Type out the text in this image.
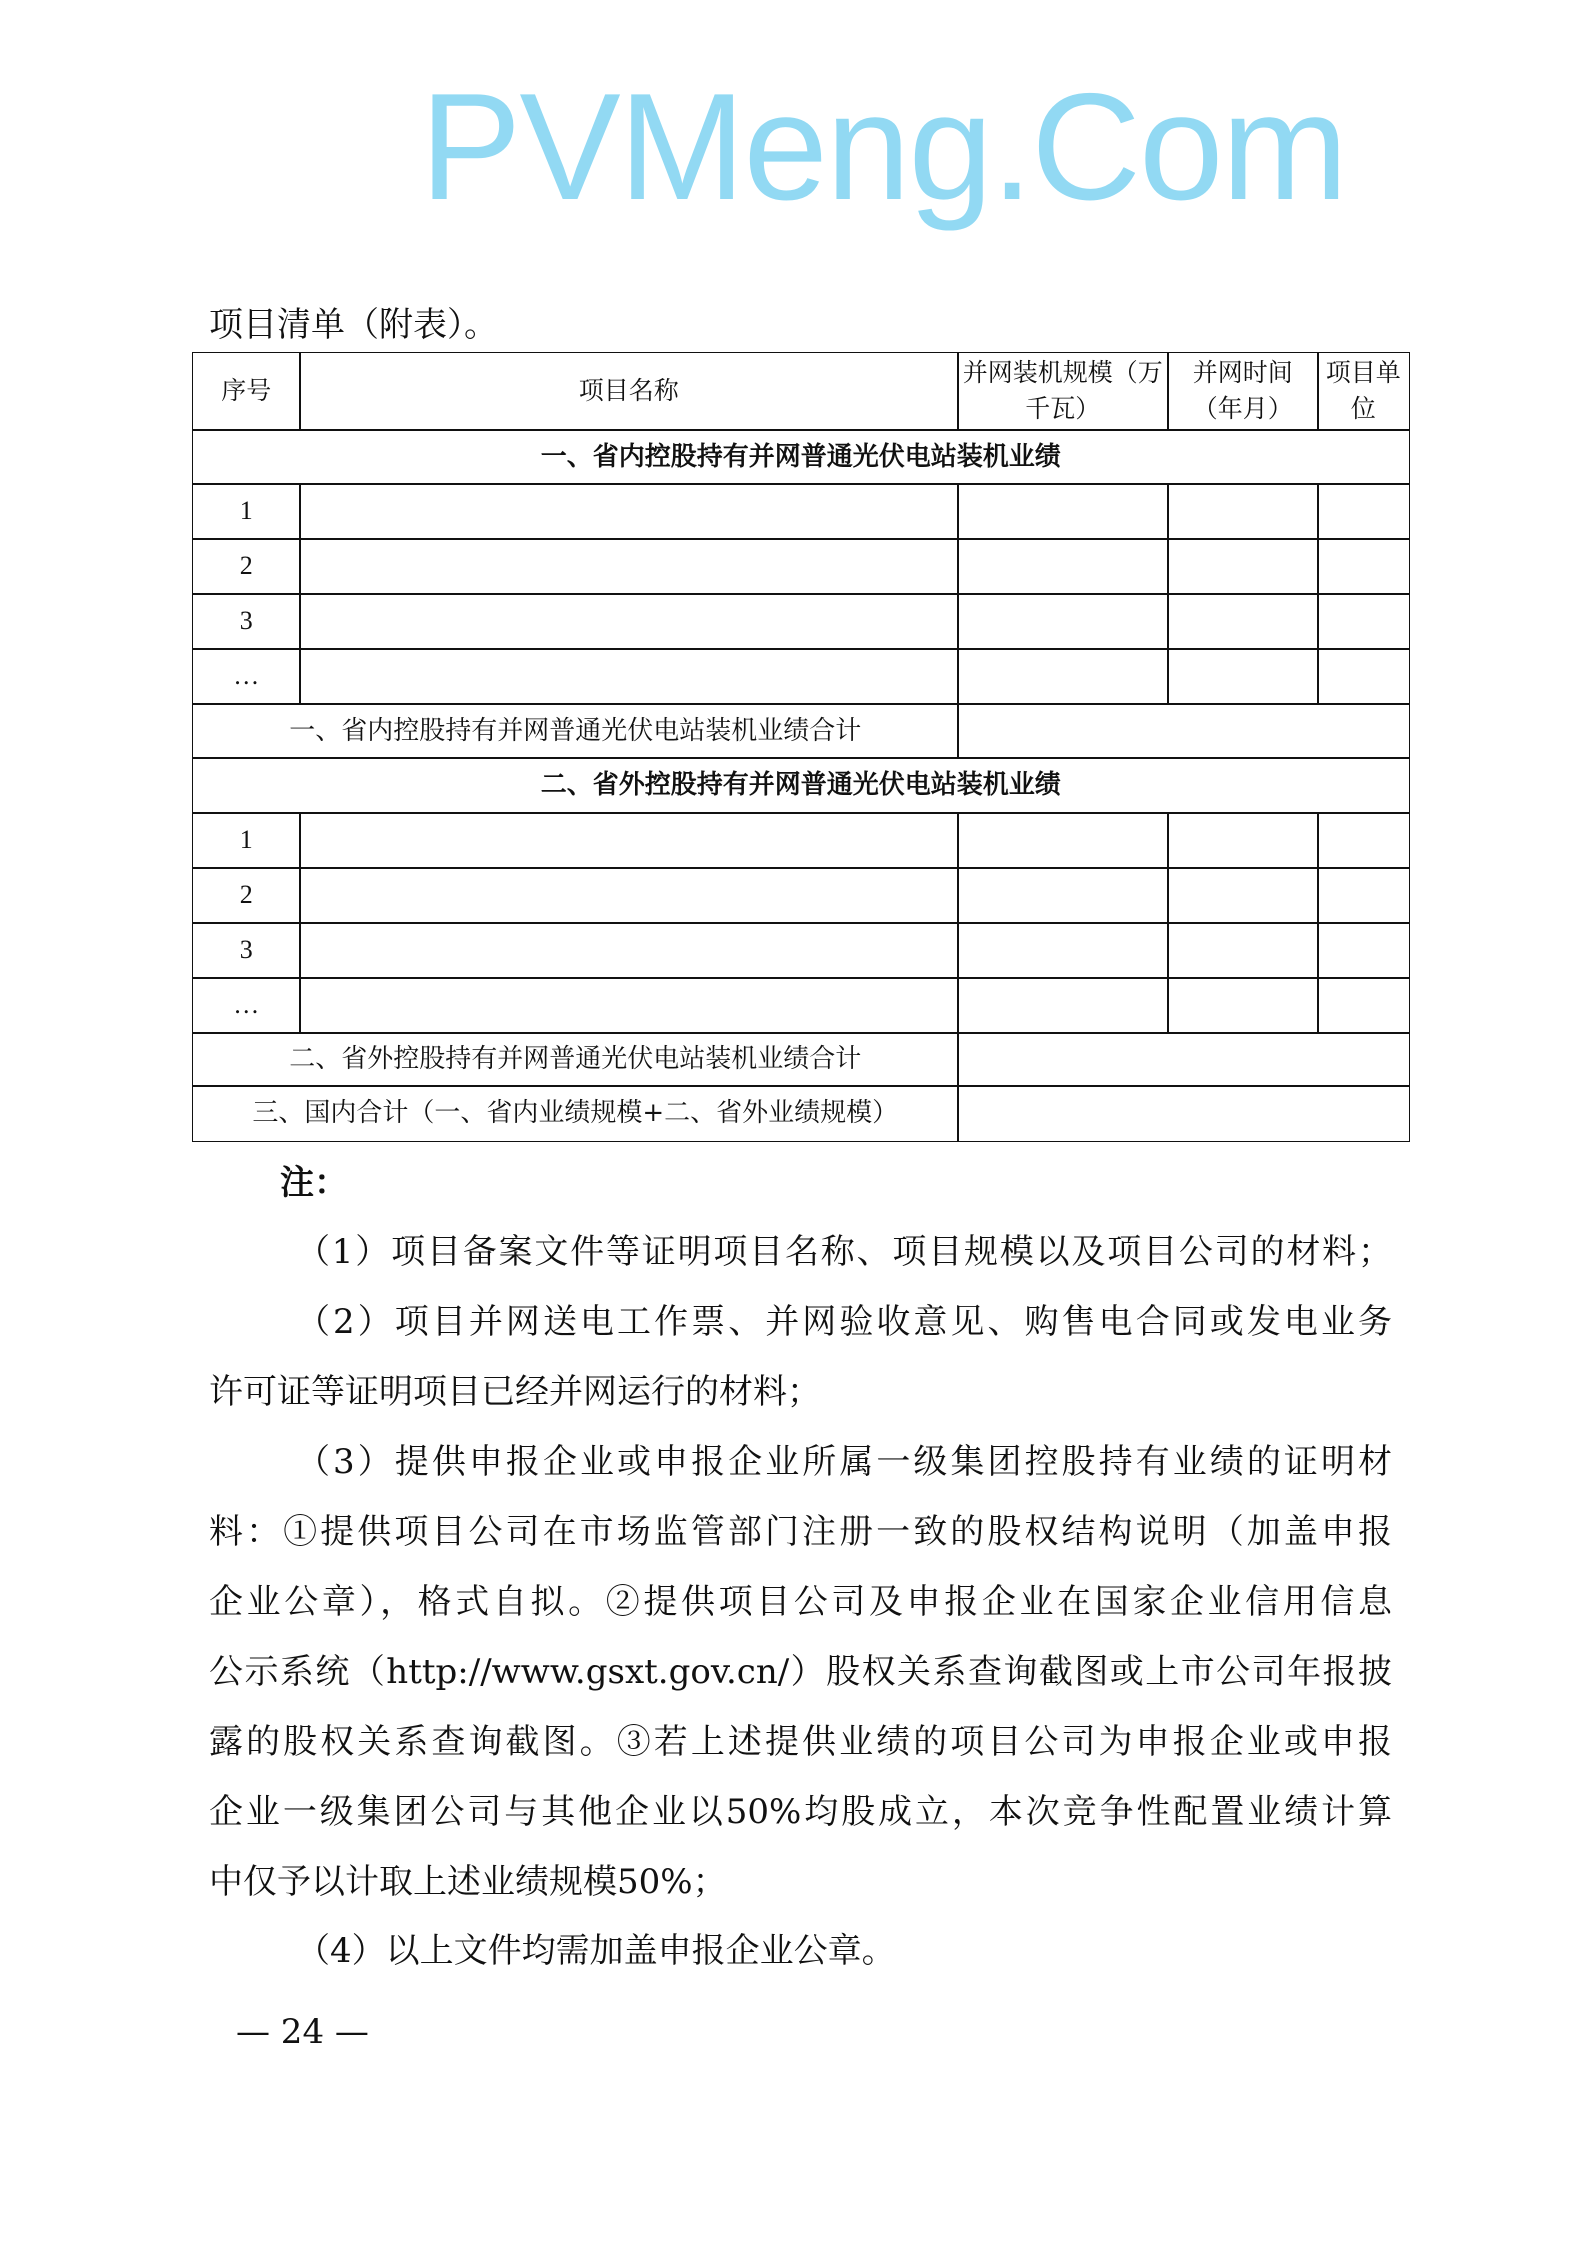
PVMeng.Com
项目清单（附表）。
序号	项目名称
并网装机规模（万千瓦）
并网时间（年月）
项目单位
一、省内控股持有并网普通光伏电站装机业绩
1
2
3
…
一、省内控股持有并网普通光伏电站装机业绩合计
二、省外控股持有并网普通光伏电站装机业绩
1
2
3
…
二、省外控股持有并网普通光伏电站装机业绩合计
三、国内合计（一、省内业绩规模+二、省外业绩规模）
注：
（1）项目备案文件等证明项目名称、项目规模以及项目公司的材料；
（2）项目并网送电工作票、并网验收意见、购售电合同或发电业务
许可证等证明项目已经并网运行的材料；
（3）提供申报企业或申报企业所属一级集团控股持有业绩的证明材
料：①提供项目公司在市场监管部门注册一致的股权结构说明（加盖申报
企业公章），格式自拟。②提供项目公司及申报企业在国家企业信用信息
公示系统（http://www.gsxt.gov.cn/）股权关系查询截图或上市公司年报披
露的股权关系查询截图。③若上述提供业绩的项目公司为申报企业或申报
企业一级集团公司与其他企业以50%均股成立，本次竞争性配置业绩计算
中仅予以计取上述业绩规模50%；
（4）以上文件均需加盖申报企业公章。
— 24 —
